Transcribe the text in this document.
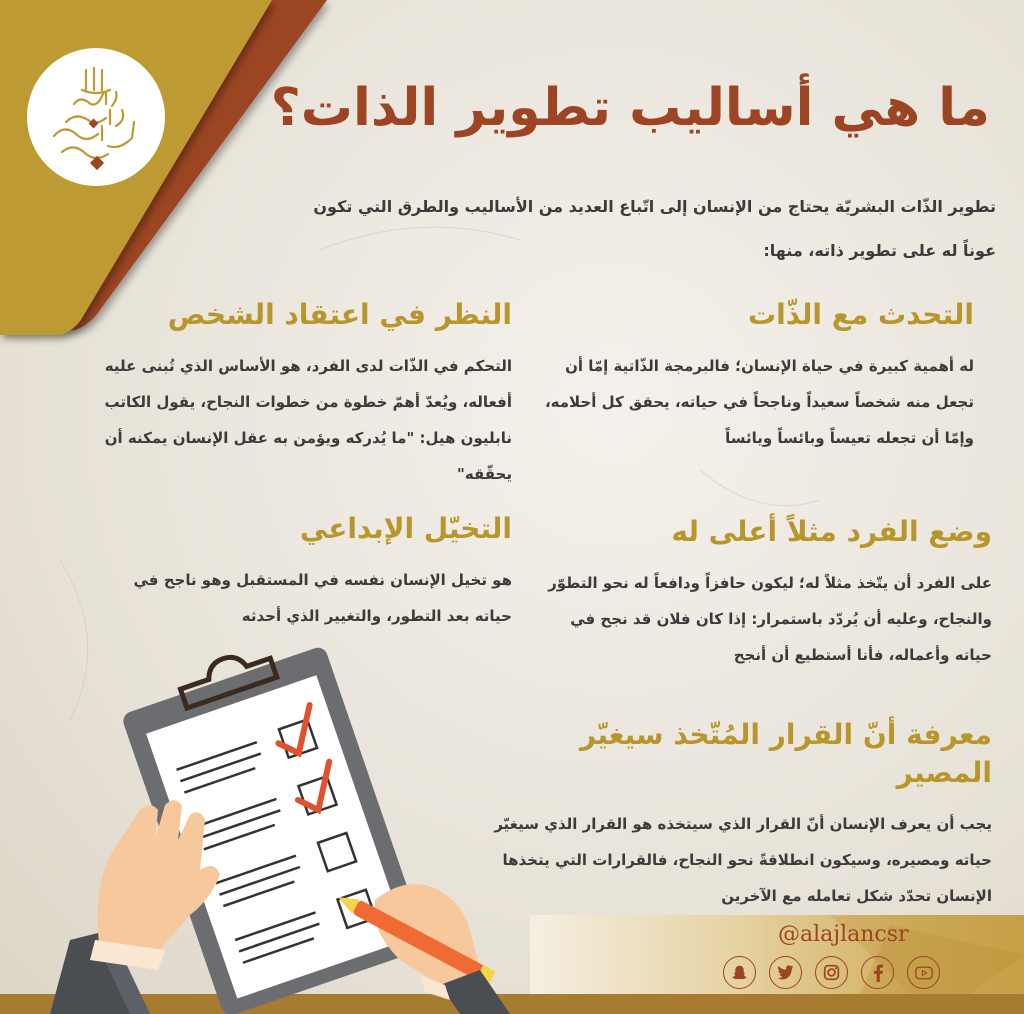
ما هي أساليب تطوير الذات؟

تطوير الذّات البشريّة يحتاج من الإنسان إلى اتّباع العديد من الأساليب والطرق التي تكون عوناً له على تطوير ذاته، منها:

التحدث مع الذّات

له أهمية كبيرة في حياة الإنسان؛ فالبرمجة الذّاتية إمّا أن تجعل منه شخصاً سعيداً وناجحاً في حياته، يحقق كل أحلامه، وإمّا أن تجعله تعيساً وبائساً ويائساً

النظر في اعتقاد الشخص

التحكم في الذّات لدى الفرد، هو الأساس الذي تُبنى عليه أفعاله، ويُعدّ أهمّ خطوة من خطوات النجاح، يقول الكاتب نابليون هيل: "ما يُدركه ويؤمن به عقل الإنسان يمكنه أن يحقّقه"

وضع الفرد مثلاً أعلى له

على الفرد أن يتّخذ مثلاً له؛ ليكون حافزاً ودافعاً له نحو التطوّر والنجاح، وعليه أن يُردّد باستمرار: إذا كان فلان قد نجح في حياته وأعماله، فأنا أستطيع أن أنجح

التخيّل الإبداعي

هو تخيل الإنسان نفسه في المستقبل وهو ناجح في حياته بعد التطور، والتغيير الذي أحدثه

معرفة أنّ القرار المُتّخذ سيغيّر المصير

يجب أن يعرف الإنسان أنّ القرار الذي سيتخذه هو القرار الذي سيغيّر حياته ومصيره، وسيكون انطلاقةً نحو النجاح، فالقرارات التي يتخذها الإنسان تحدّد شكل تعامله مع الآخرين

@alajlancsr
